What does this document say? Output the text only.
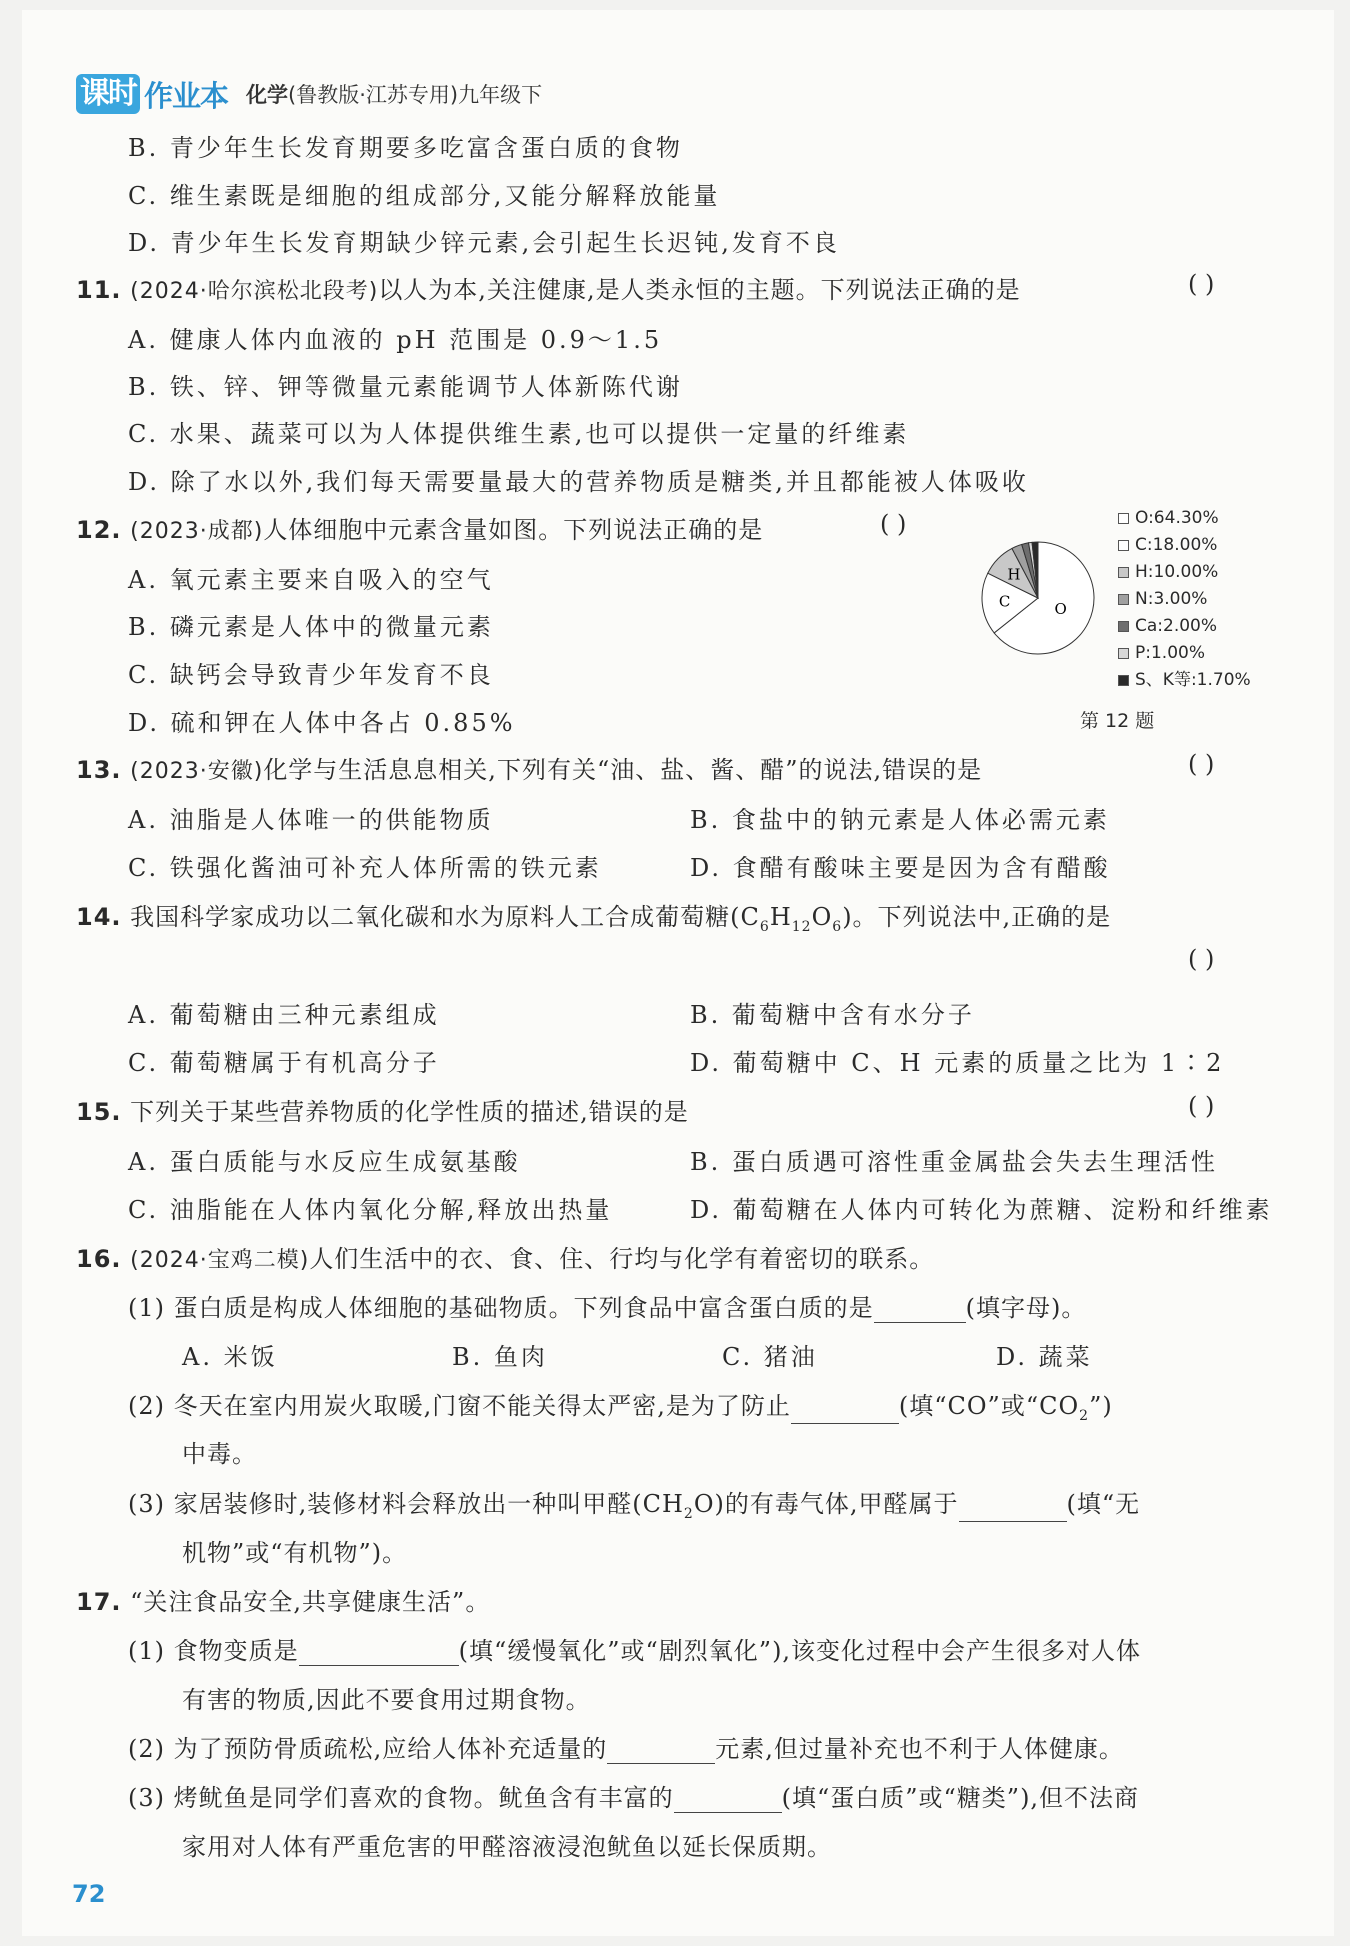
课时 作业本 化学(鲁教版·江苏专用)九年级下
B. 青少年生长发育期要多吃富含蛋白质的食物
C. 维生素既是细胞的组成部分,又能分解释放能量
D. 青少年生长发育期缺少锌元素,会引起生长迟钝,发育不良
11. (2024·哈尔滨松北段考)以人为本,关注健康,是人类永恒的主题。下列说法正确的是	( )
A. 健康人体内血液的 pH 范围是 0.9～1.5
B. 铁、锌、钾等微量元素能调节人体新陈代谢
C. 水果、蔬菜可以为人体提供维生素,也可以提供一定量的纤维素
D. 除了水以外,我们每天需要量最大的营养物质是糖类,并且都能被人体吸收
12. (2023·成都)人体细胞中元素含量如图。下列说法正确的是	( )
A. 氧元素主要来自吸入的空气
B. 磷元素是人体中的微量元素
C. 缺钙会导致青少年发育不良
D. 硫和钾在人体中各占 0.85%
O
C
H
O:64.30%
C:18.00%
H:10.00%
N:3.00%
Ca:2.00%
P:1.00%
S、K等:1.70%
第 12 题
13. (2023·安徽)化学与生活息息相关,下列有关“油、盐、酱、醋”的说法,错误的是	( )
A. 油脂是人体唯一的供能物质	B. 食盐中的钠元素是人体必需元素
C. 铁强化酱油可补充人体所需的铁元素	D. 食醋有酸味主要是因为含有醋酸
14. 我国科学家成功以二氧化碳和水为原料人工合成葡萄糖$(C_6H_{12}O_6)$。下列说法中,正确的是
( )
A. 葡萄糖由三种元素组成	B. 葡萄糖中含有水分子
C. 葡萄糖属于有机高分子	D. 葡萄糖中 C、H 元素的质量之比为 1∶2
15. 下列关于某些营养物质的化学性质的描述,错误的是	( )
A. 蛋白质能与水反应生成氨基酸	B. 蛋白质遇可溶性重金属盐会失去生理活性
C. 油脂能在人体内氧化分解,释放出热量	D. 葡萄糖在人体内可转化为蔗糖、淀粉和纤维素
16. (2024·宝鸡二模)人们生活中的衣、食、住、行均与化学有着密切的联系。
(1) 蛋白质是构成人体细胞的基础物质。下列食品中富含蛋白质的是	(填字母)。
A. 米饭	B. 鱼肉	C. 猪油	D. 蔬菜
(2) 冬天在室内用炭火取暖,门窗不能关得太严密,是为了防止	(填“CO”或“$CO_2$”)
中毒。
(3) 家居装修时,装修材料会释放出一种叫甲醛$(CH_2O)$的有毒气体,甲醛属于	(填“无
机物”或“有机物”)。
17. “关注食品安全,共享健康生活”。
(1) 食物变质是	(填“缓慢氧化”或“剧烈氧化”),该变化过程中会产生很多对人体
有害的物质,因此不要食用过期食物。
(2) 为了预防骨质疏松,应给人体补充适量的	元素,但过量补充也不利于人体健康。
(3) 烤鱿鱼是同学们喜欢的食物。鱿鱼含有丰富的	(填“蛋白质”或“糖类”),但不法商
家用对人体有严重危害的甲醛溶液浸泡鱿鱼以延长保质期。
72
